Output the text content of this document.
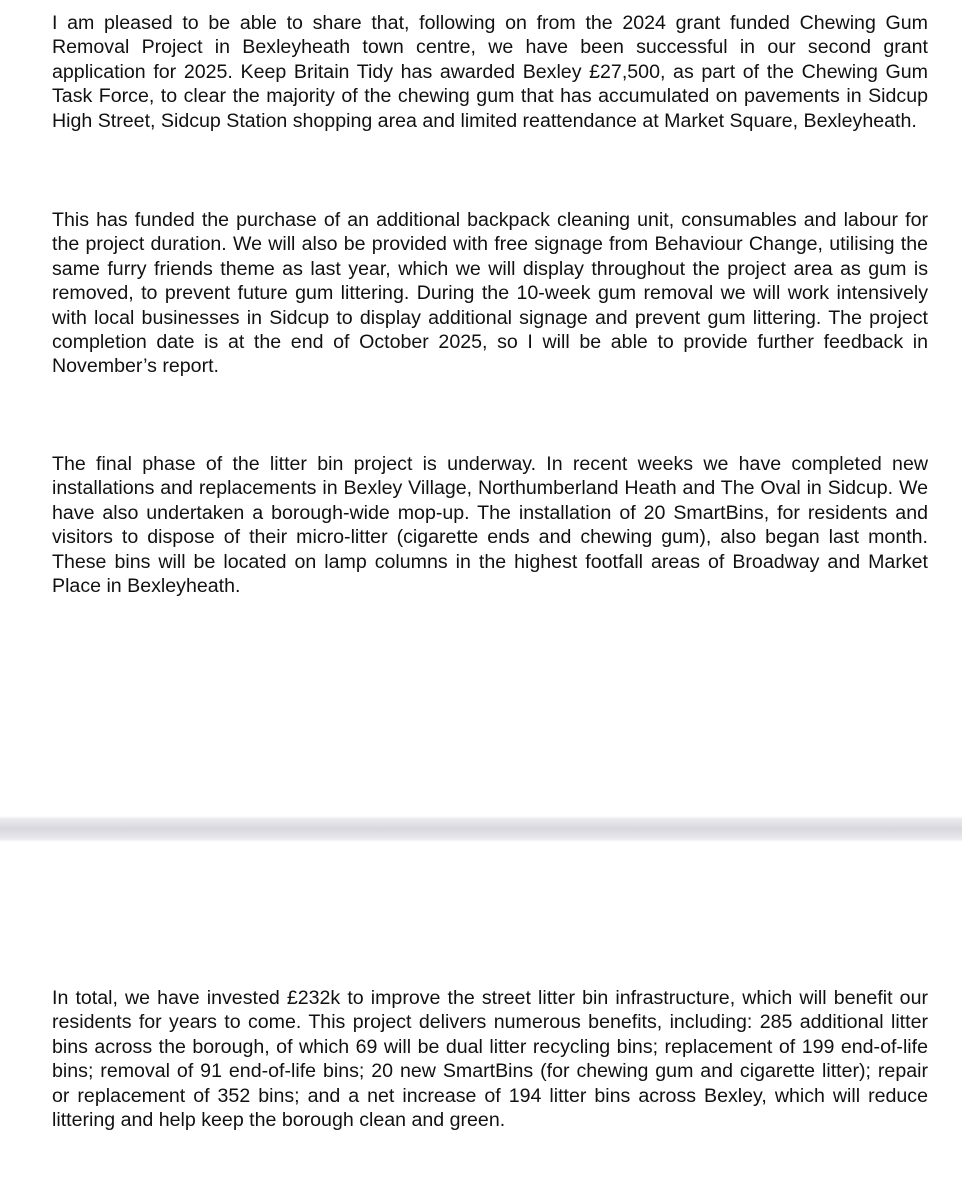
I am pleased to be able to share that, following on from the 2024 grant funded Chewing Gum Removal Project in Bexleyheath town centre, we have been successful in our second grant application for 2025. Keep Britain Tidy has awarded Bexley £27,500, as part of the Chewing Gum Task Force, to clear the majority of the chewing gum that has accumulated on pavements in Sidcup High Street, Sidcup Station shopping area and limited reattendance at Market Square, Bexleyheath.

This has funded the purchase of an additional backpack cleaning unit, consumables and labour for the project duration. We will also be provided with free signage from Behaviour Change, utilising the same furry friends theme as last year, which we will display throughout the project area as gum is removed, to prevent future gum littering. During the 10-week gum removal we will work intensively with local businesses in Sidcup to display additional signage and prevent gum littering. The project completion date is at the end of October 2025, so I will be able to provide further feedback in November’s report.

The final phase of the litter bin project is underway. In recent weeks we have completed new installations and replacements in Bexley Village, Northumberland Heath and The Oval in Sidcup. We have also undertaken a borough-wide mop-up. The installation of 20 SmartBins, for residents and visitors to dispose of their micro-litter (cigarette ends and chewing gum), also began last month. These bins will be located on lamp columns in the highest footfall areas of Broadway and Market Place in Bexleyheath.

In total, we have invested £232k to improve the street litter bin infrastructure, which will benefit our residents for years to come. This project delivers numerous benefits, including: 285 additional litter bins across the borough, of which 69 will be dual litter recycling bins; replacement of 199 end-of-life bins; removal of 91 end-of-life bins; 20 new SmartBins (for chewing gum and cigarette litter); repair or replacement of 352 bins; and a net increase of 194 litter bins across Bexley, which will reduce littering and help keep the borough clean and green.
